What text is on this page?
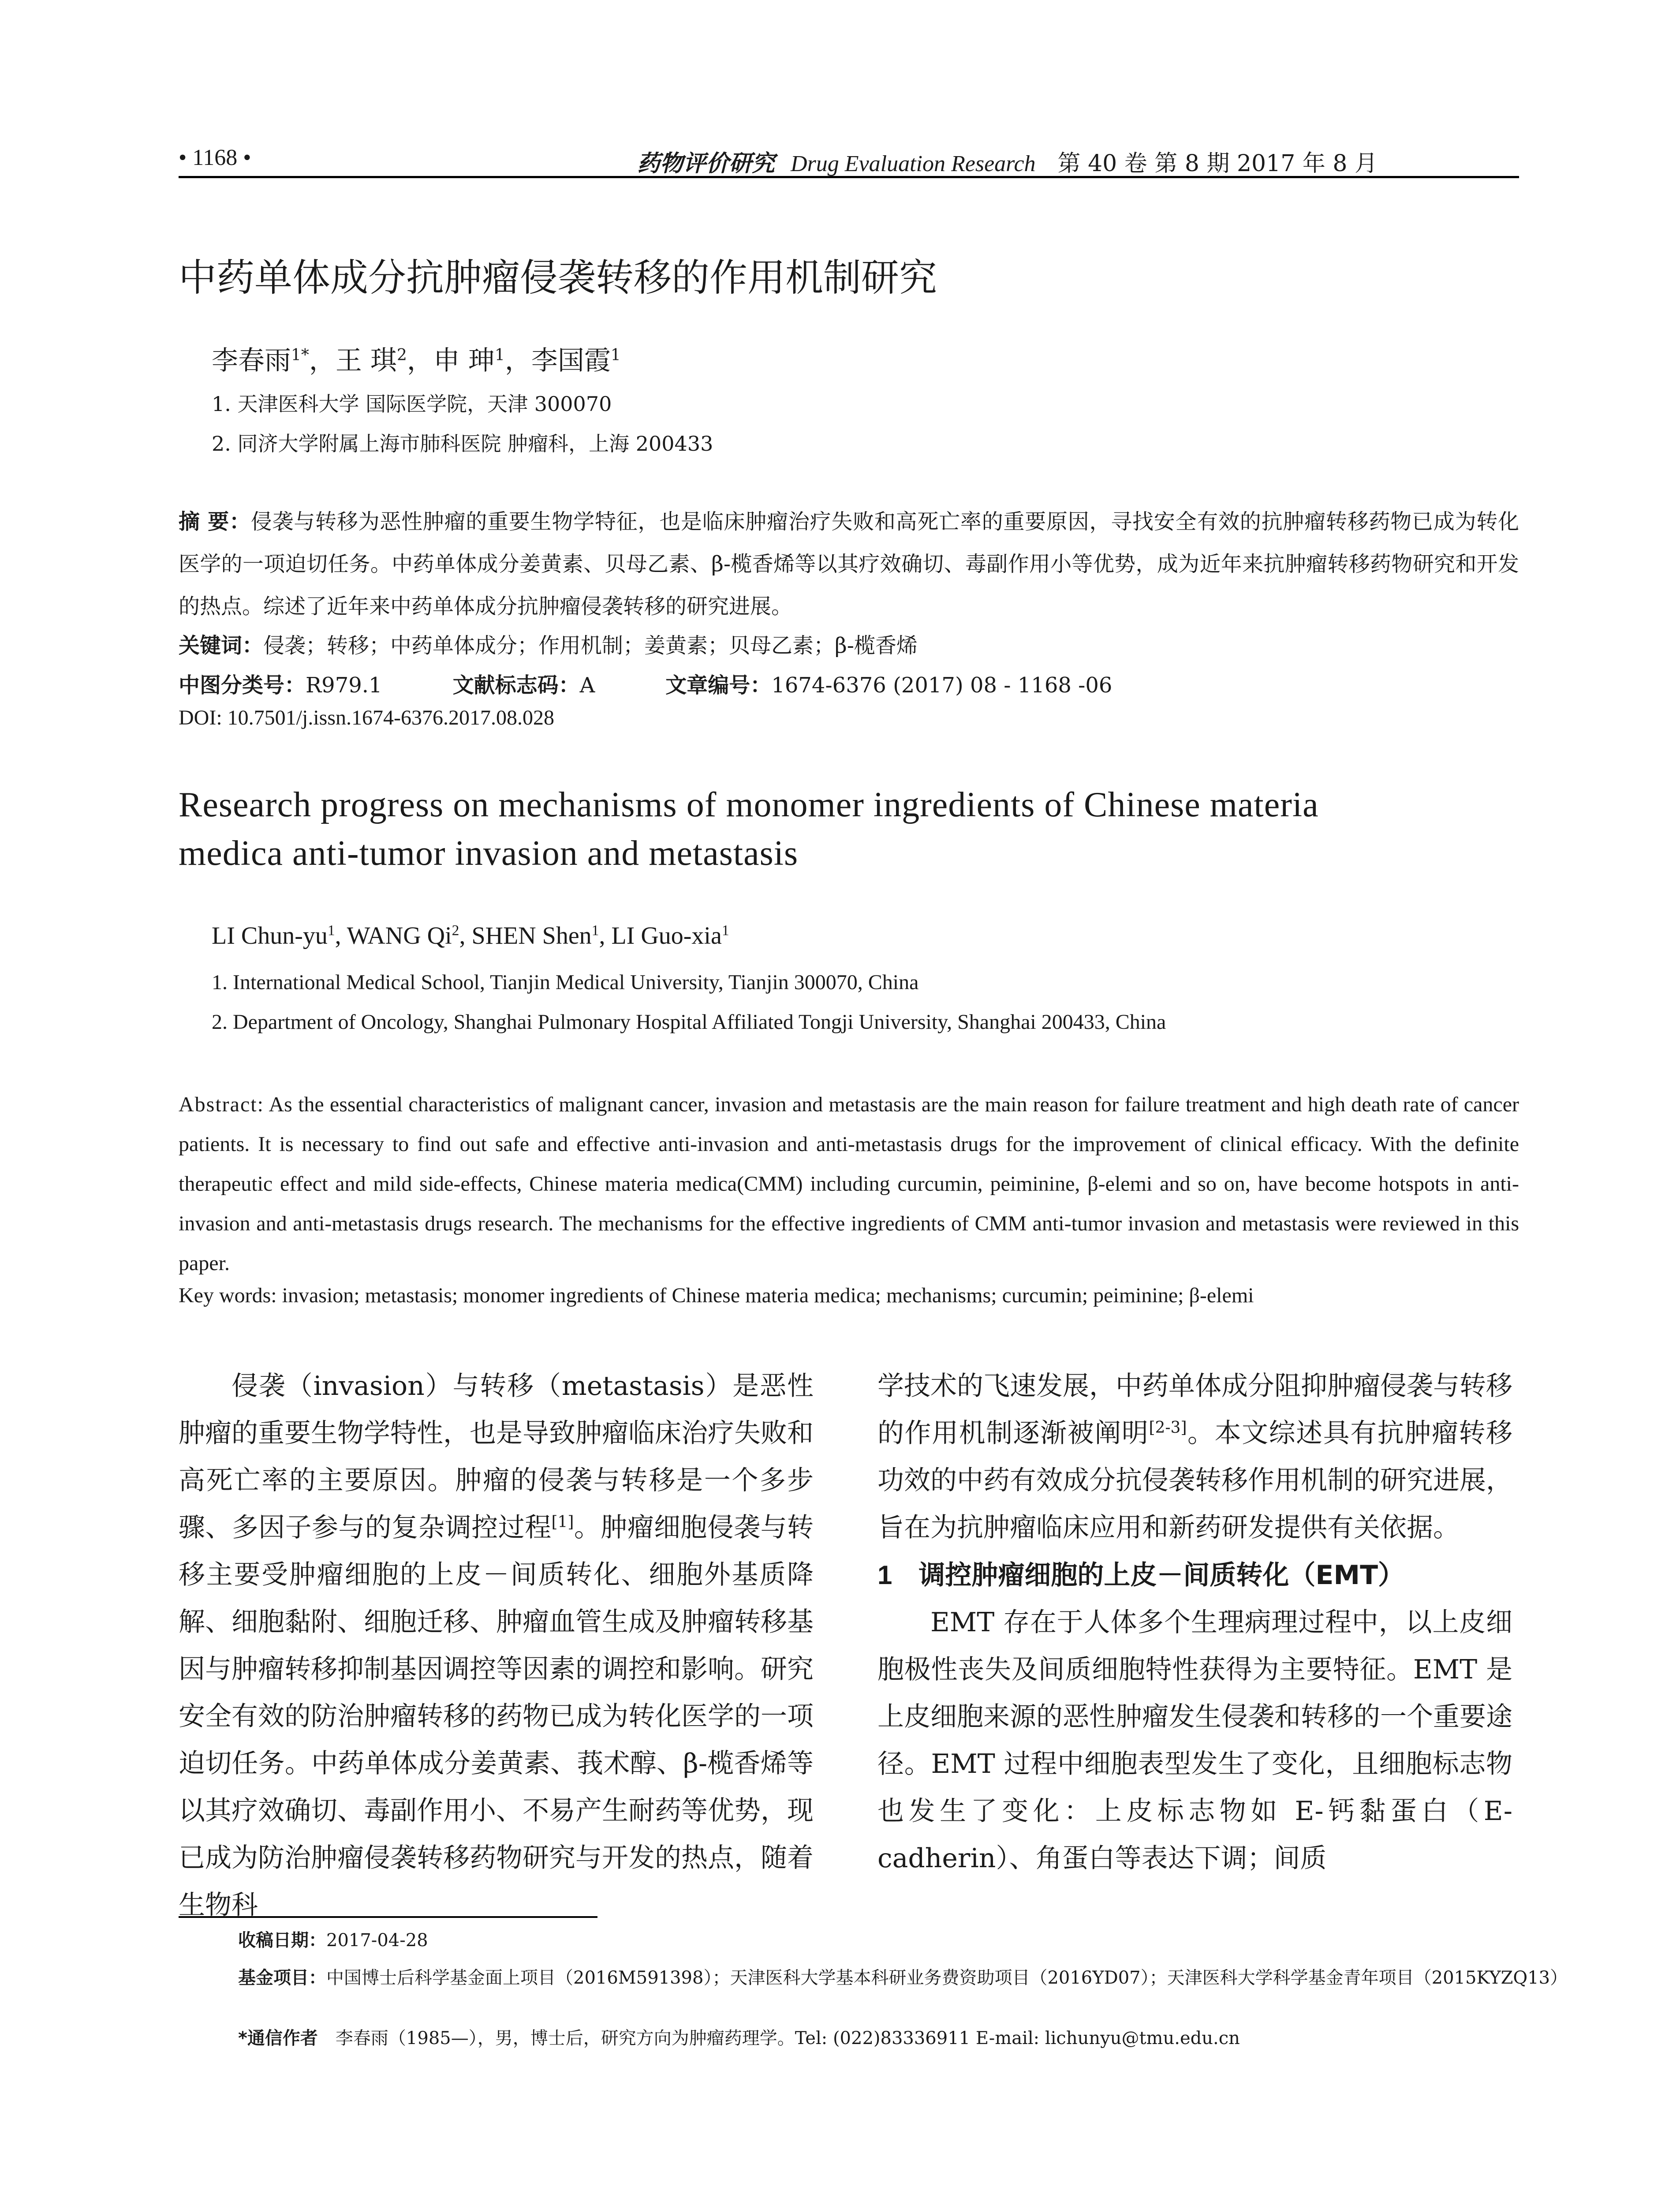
• 1168 •	药物评价研究 Drug Evaluation Research 第 40 卷 第 8 期 2017 年 8 月
中药单体成分抗肿瘤侵袭转移的作用机制研究
李春雨$^{1*}$，王 琪$^2$，申 珅$^1$，李国霞$^1$
1. 天津医科大学 国际医学院，天津 300070
2. 同济大学附属上海市肺科医院 肿瘤科，上海 200433
摘 要：侵袭与转移为恶性肿瘤的重要生物学特征，也是临床肿瘤治疗失败和高死亡率的重要原因，寻找安全有效的抗肿瘤转移药物已成为转化医学的一项迫切任务。中药单体成分姜黄素、贝母乙素、β-榄香烯等以其疗效确切、毒副作用小等优势，成为近年来抗肿瘤转移药物研究和开发的热点。综述了近年来中药单体成分抗肿瘤侵袭转移的研究进展。
关键词：侵袭；转移；中药单体成分；作用机制；姜黄素；贝母乙素；β-榄香烯
中图分类号：R979.1	文献标志码：A	文章编号：1674-6376 (2017) 08 - 1168 -06
DOI: 10.7501/j.issn.1674-6376.2017.08.028
Research progress on mechanisms of monomer ingredients of Chinese materia
medica anti-tumor invasion and metastasis
LI Chun-$yu^1$, WANG Qi$^2$, SHEN Shen$^1$, LI Guo-xia$^1$
1. International Medical School, Tianjin Medical University, Tianjin 300070, China
2. Department of Oncology, Shanghai Pulmonary Hospital Affiliated Tongji University, Shanghai 200433, China
Abstract: As the essential characteristics of malignant cancer, invasion and metastasis are the main reason for failure treatment and high death rate of cancer patients. It is necessary to find out safe and effective anti-invasion and anti-metastasis drugs for the improvement of clinical efficacy. With the definite therapeutic effect and mild side-effects, Chinese materia medica(CMM) including curcumin, peiminine, β-elemi and so on, have become hotspots in anti-invasion and anti-metastasis drugs research. The mechanisms for the effective ingredients of CMM anti-tumor invasion and metastasis were reviewed in this paper.
Key words: invasion; metastasis; monomer ingredients of Chinese materia medica; mechanisms; curcumin; peiminine; β-elemi

侵袭（invasion）与转移（metastasis）是恶性肿瘤的重要生物学特性，也是导致肿瘤临床治疗失败和高死亡率的主要原因。肿瘤的侵袭与转移是一个多步骤、多因子参与的复杂调控过程[1]。肿瘤细胞侵袭与转移主要受肿瘤细胞的上皮－间质转化、细胞外基质降解、细胞黏附、细胞迁移、肿瘤血管生成及肿瘤转移基因与肿瘤转移抑制基因调控等因素的调控和影响。研究安全有效的防治肿瘤转移的药物已成为转化医学的一项迫切任务。中药单体成分姜黄素、莪术醇、β-榄香烯等以其疗效确切、毒副作用小、不易产生耐药等优势，现已成为防治肿瘤侵袭转移药物研究与开发的热点，随着生物科

学技术的飞速发展，中药单体成分阻抑肿瘤侵袭与转移的作用机制逐渐被阐明[2-3]。本文综述具有抗肿瘤转移功效的中药有效成分抗侵袭转移作用机制的研究进展，旨在为抗肿瘤临床应用和新药研发提供有关依据。

1 调控肿瘤细胞的上皮－间质转化（EMT）

EMT 存在于人体多个生理病理过程中，以上皮细胞极性丧失及间质细胞特性获得为主要特征。EMT 是上皮细胞来源的恶性肿瘤发生侵袭和转移的一个重要途径。EMT 过程中细胞表型发生了变化，且细胞标志物也发生了变化：上皮标志物如 E-钙黏蛋白（E-cadherin）、角蛋白等表达下调；间质

收稿日期：2017-04-28
基金项目：中国博士后科学基金面上项目（2016M591398）；天津医科大学基本科研业务费资助项目（2016YD07）；天津医科大学科学基金青年项目（2015KYZQ13）
*通信作者 李春雨（1985—），男，博士后，研究方向为肿瘤药理学。Tel: (022)83336911 E-mail: lichunyu@tmu.edu.cn
